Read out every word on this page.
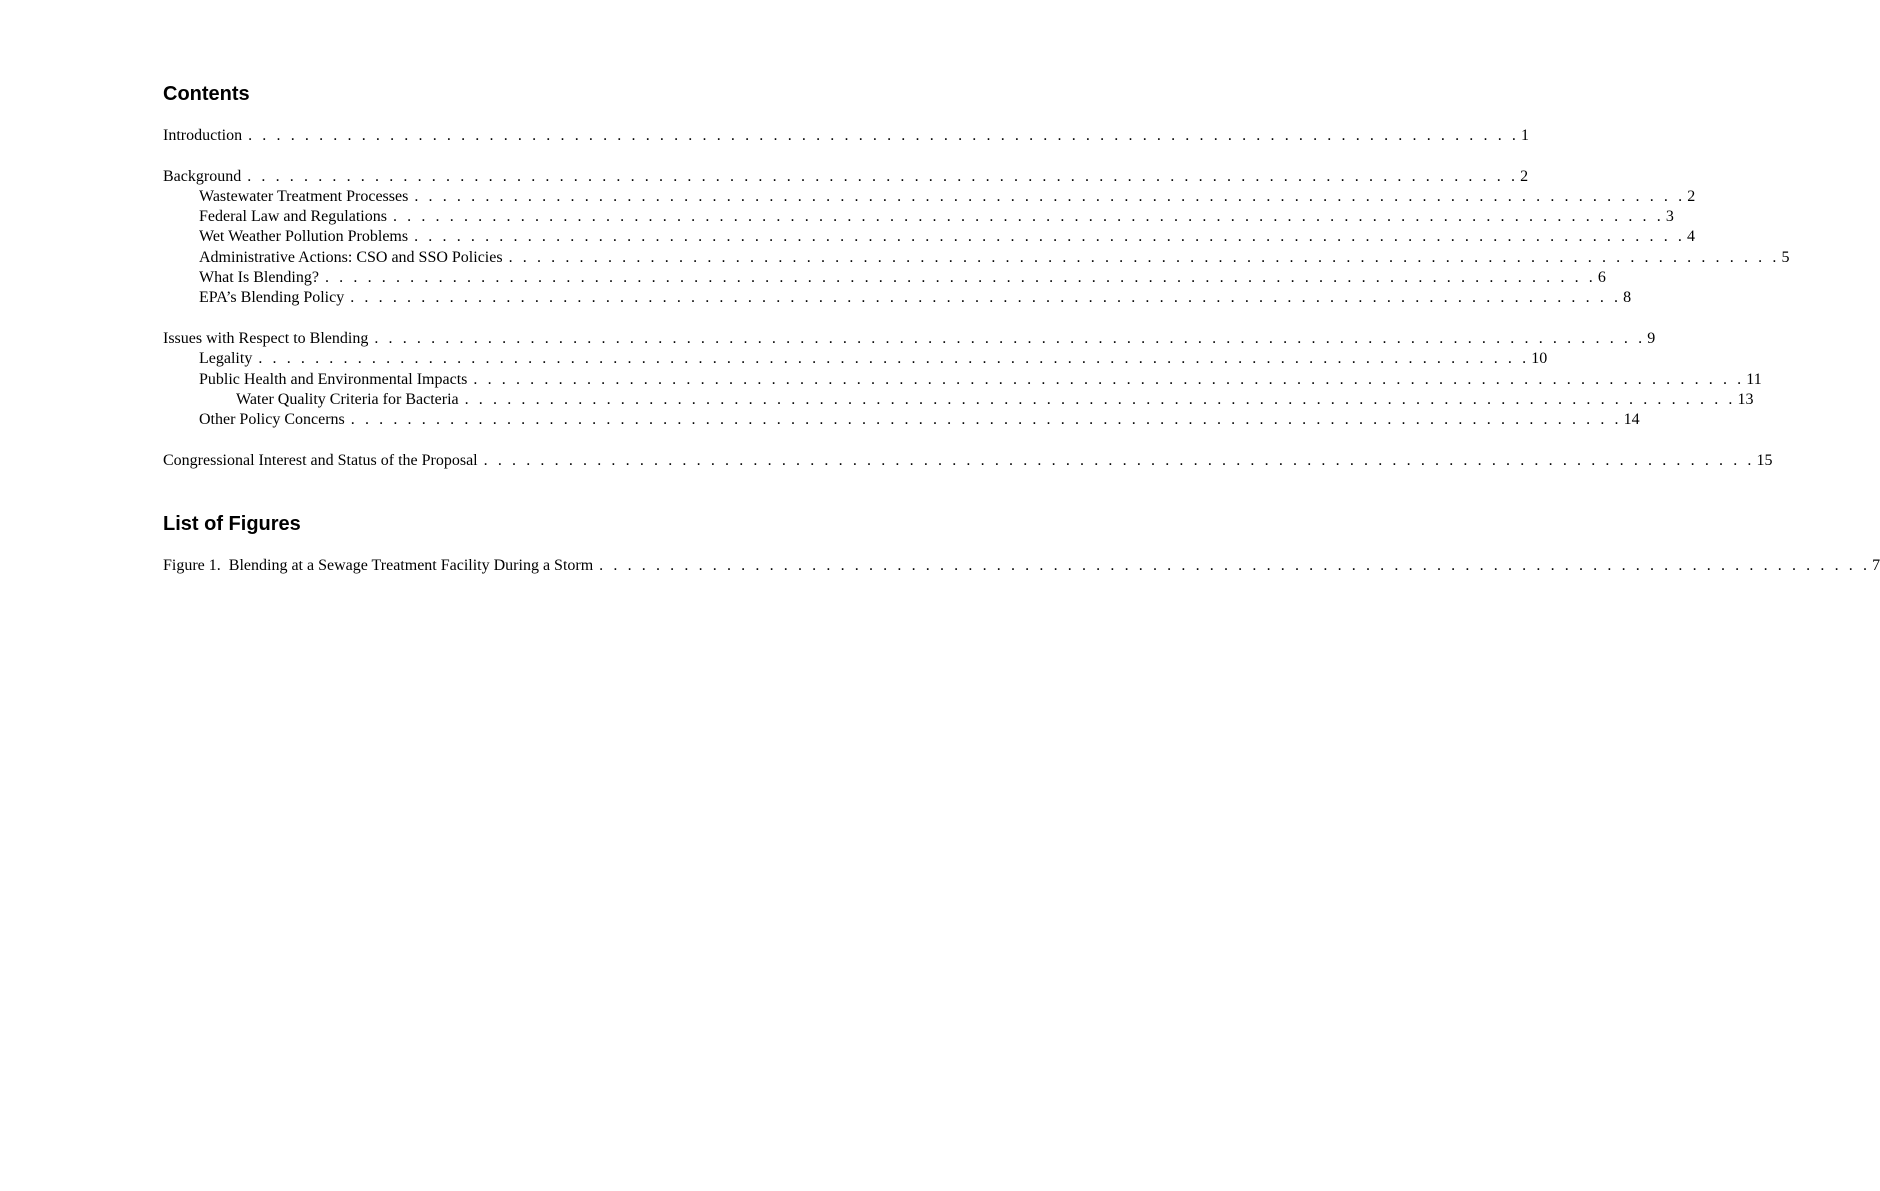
Contents
Introduction . . . . . . . . . . . . . . . . . . . . . . . . . . . . . . . . . . . . . . . . . . . . . . . . . . . . . . . . . . . . . . . . . . . . . . . . . . . . . . . . . . . . . . . . . . 1
Background . . . . . . . . . . . . . . . . . . . . . . . . . . . . . . . . . . . . . . . . . . . . . . . . . . . . . . . . . . . . . . . . . . . . . . . . . . . . . . . . . . . . . . . . . . 2
Wastewater Treatment Processes . . . . . . . . . . . . . . . . . . . . . . . . . . . . . . . . . . . . . . . . . . . . . . . . . . . . . . . . . . . . . . . . . . . . . . . . . . . . . . . . . . . . . . . . . . 2
Federal Law and Regulations . . . . . . . . . . . . . . . . . . . . . . . . . . . . . . . . . . . . . . . . . . . . . . . . . . . . . . . . . . . . . . . . . . . . . . . . . . . . . . . . . . . . . . . . . . 3
Wet Weather Pollution Problems . . . . . . . . . . . . . . . . . . . . . . . . . . . . . . . . . . . . . . . . . . . . . . . . . . . . . . . . . . . . . . . . . . . . . . . . . . . . . . . . . . . . . . . . . . 4
Administrative Actions: CSO and SSO Policies . . . . . . . . . . . . . . . . . . . . . . . . . . . . . . . . . . . . . . . . . . . . . . . . . . . . . . . . . . . . . . . . . . . . . . . . . . . . . . . . . . . . . . . . . . 5
What Is Blending? . . . . . . . . . . . . . . . . . . . . . . . . . . . . . . . . . . . . . . . . . . . . . . . . . . . . . . . . . . . . . . . . . . . . . . . . . . . . . . . . . . . . . . . . . . 6
EPA’s Blending Policy . . . . . . . . . . . . . . . . . . . . . . . . . . . . . . . . . . . . . . . . . . . . . . . . . . . . . . . . . . . . . . . . . . . . . . . . . . . . . . . . . . . . . . . . . . 8
Issues with Respect to Blending . . . . . . . . . . . . . . . . . . . . . . . . . . . . . . . . . . . . . . . . . . . . . . . . . . . . . . . . . . . . . . . . . . . . . . . . . . . . . . . . . . . . . . . . . . 9
Legality . . . . . . . . . . . . . . . . . . . . . . . . . . . . . . . . . . . . . . . . . . . . . . . . . . . . . . . . . . . . . . . . . . . . . . . . . . . . . . . . . . . . . . . . . . 10
Public Health and Environmental Impacts . . . . . . . . . . . . . . . . . . . . . . . . . . . . . . . . . . . . . . . . . . . . . . . . . . . . . . . . . . . . . . . . . . . . . . . . . . . . . . . . . . . . . . . . . . 11
Water Quality Criteria for Bacteria . . . . . . . . . . . . . . . . . . . . . . . . . . . . . . . . . . . . . . . . . . . . . . . . . . . . . . . . . . . . . . . . . . . . . . . . . . . . . . . . . . . . . . . . . . 13
Other Policy Concerns . . . . . . . . . . . . . . . . . . . . . . . . . . . . . . . . . . . . . . . . . . . . . . . . . . . . . . . . . . . . . . . . . . . . . . . . . . . . . . . . . . . . . . . . . . 14
Congressional Interest and Status of the Proposal . . . . . . . . . . . . . . . . . . . . . . . . . . . . . . . . . . . . . . . . . . . . . . . . . . . . . . . . . . . . . . . . . . . . . . . . . . . . . . . . . . . . . . . . . . 15
List of Figures
Figure 1.  Blending at a Sewage Treatment Facility During a Storm . . . . . . . . . . . . . . . . . . . . . . . . . . . . . . . . . . . . . . . . . . . . . . . . . . . . . . . . . . . . . . . . . . . . . . . . . . . . . . . . . . . . . . . . . . 7
